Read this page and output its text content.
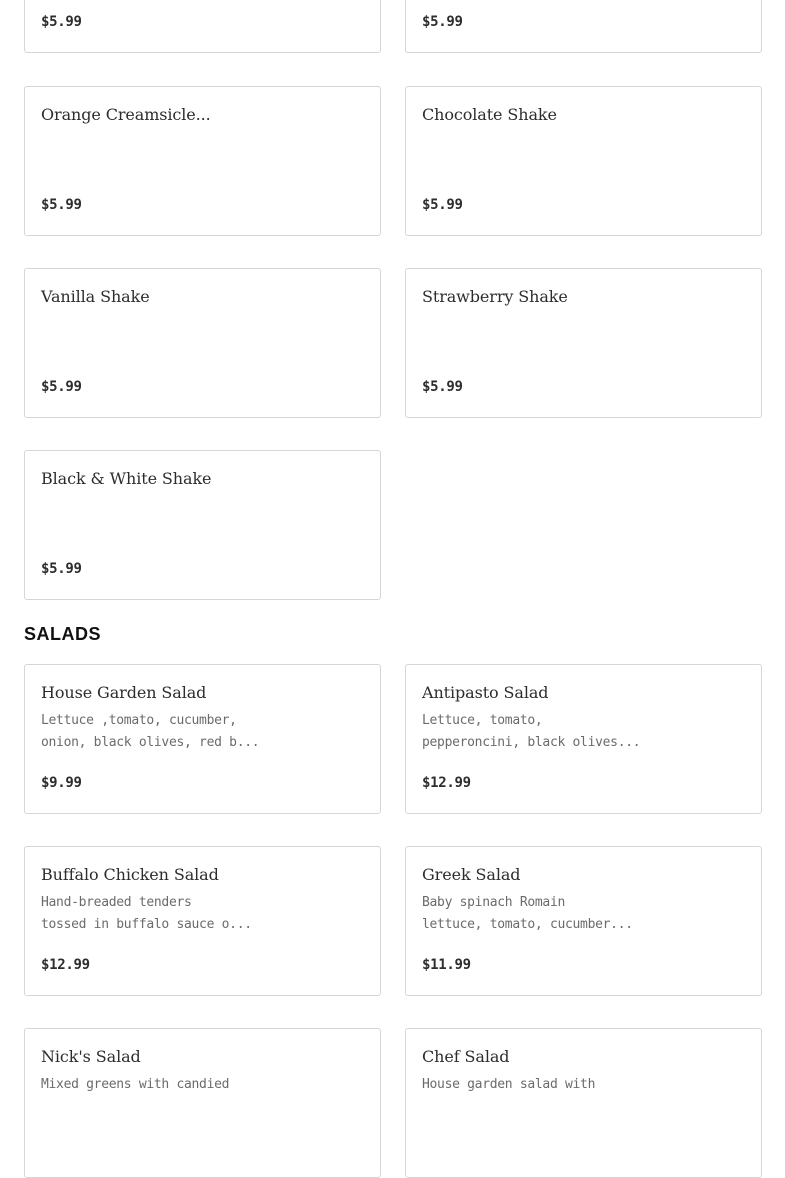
$5.99	$5.99
Orange Creamsicle...
$5.99
Chocolate Shake
$5.99
Vanilla Shake
$5.99
Strawberry Shake
$5.99
Black & White Shake
$5.99
SALADS
House Garden Salad
Lettuce ,tomato, cucumber,
onion, black olives, red b...
$9.99
Antipasto Salad
Lettuce, tomato,
pepperoncini, black olives...
$12.99
Buffalo Chicken Salad
Hand-breaded tenders
tossed in buffalo sauce o...
$12.99
Greek Salad
Baby spinach Romain
lettuce, tomato, cucumber...
$11.99
Nick's Salad
Mixed greens with candied
Chef Salad
House garden salad with
